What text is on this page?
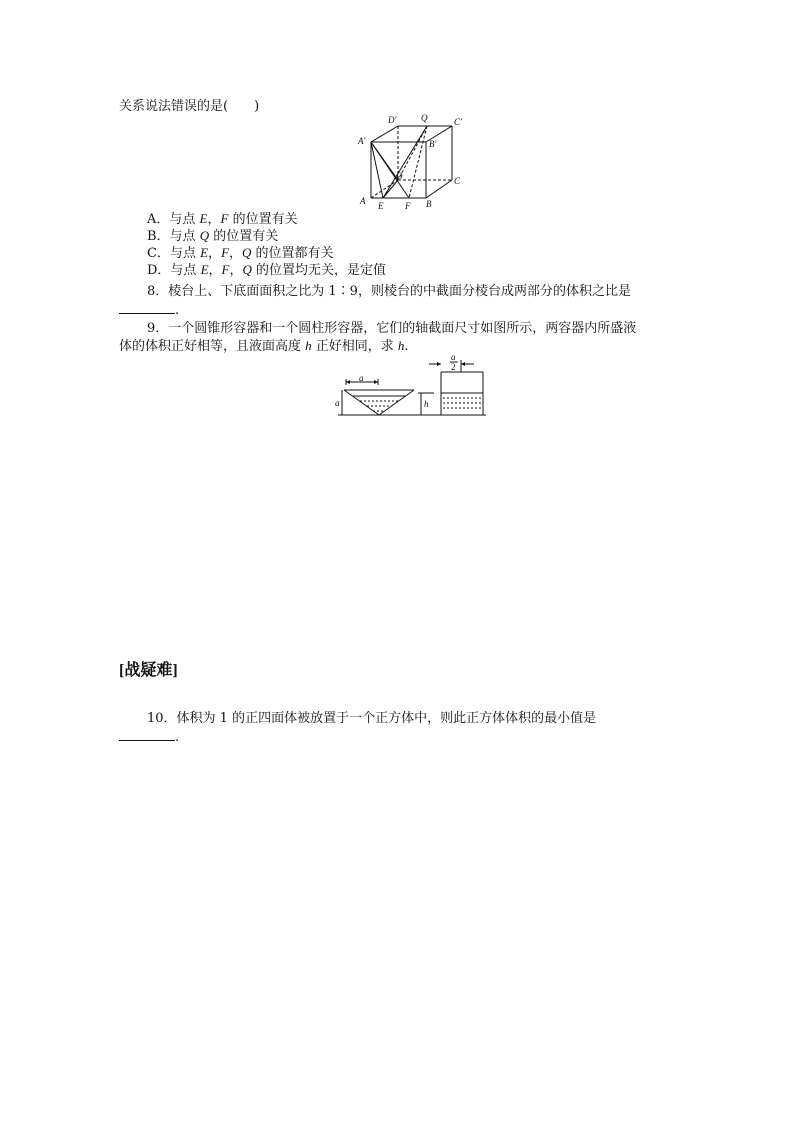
关系说法错误的是(　　)
A′
D′	Q	C′
B′
D	C
A E F B
A．与点 E，F 的位置有关
B．与点 Q 的位置有关
C．与点 E，F，Q 的位置都有关
D．与点 E，F，Q 的位置均无关，是定值
8．棱台上、下底面面积之比为 1∶9，则棱台的中截面分棱台成两部分的体积之比是
.
9．一个圆锥形容器和一个圆柱形容器，它们的轴截面尺寸如图所示，两容器内所盛液
体的体积正好相等，且液面高度 h 正好相同，求 h.
a
a	h
a
2
[战疑难]
10．体积为 1 的正四面体被放置于一个正方体中，则此正方体体积的最小值是
.
